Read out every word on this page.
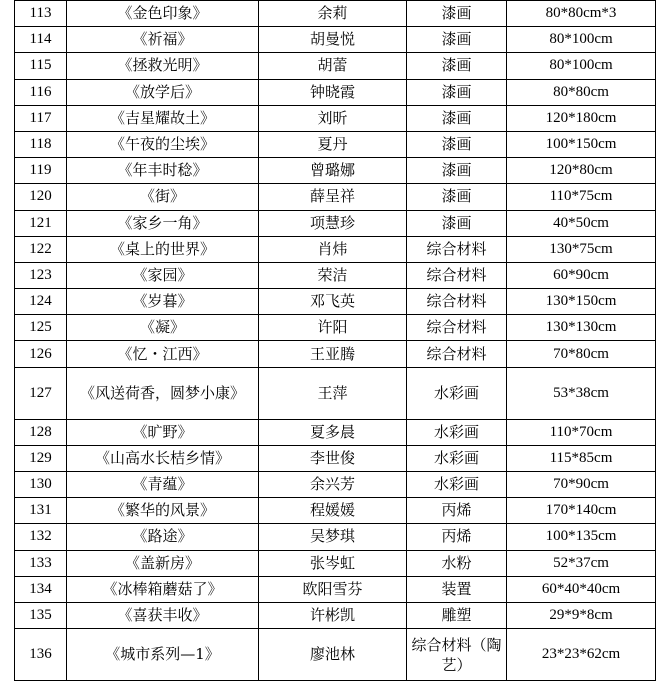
113	《金色印象》	余莉	漆画	80*80cm*3
114	《祈福》	胡曼悦	漆画	80*100cm
115	《拯救光明》	胡蕾	漆画	80*100cm
116	《放学后》	钟晓霞	漆画	80*80cm
117	《吉星耀故土》	刘昕	漆画	120*180cm
118	《午夜的尘埃》	夏丹	漆画	100*150cm
119	《年丰时稔》	曾璐娜	漆画	120*80cm
120	《街》	薛呈祥	漆画	110*75cm
121	《家乡一角》	项慧珍	漆画	40*50cm
122	《桌上的世界》	肖炜	综合材料	130*75cm
123	《家园》	荣洁	综合材料	60*90cm
124	《岁暮》	邓飞英	综合材料	130*150cm
125	《凝》	许阳	综合材料	130*130cm
126	《忆・江西》	王亚腾	综合材料	70*80cm
127	《风送荷香，圆梦小康》	王萍	水彩画	53*38cm
128	《旷野》	夏多晨	水彩画	110*70cm
129	《山高水长桔乡情》	李世俊	水彩画	115*85cm
130	《青蕴》	余兴芳	水彩画	70*90cm
131	《繁华的风景》	程媛媛	丙烯	170*140cm
132	《路途》	吴梦琪	丙烯	100*135cm
133	《盖新房》	张岑虹	水粉	52*37cm
134	《冰棒箱蘑菇了》	欧阳雪芬	装置	60*40*40cm
135	《喜获丰收》	许彬凯	雕塑	29*9*8cm
136	《城市系列—1》	廖池林	综合材料（陶艺）	23*23*62cm
